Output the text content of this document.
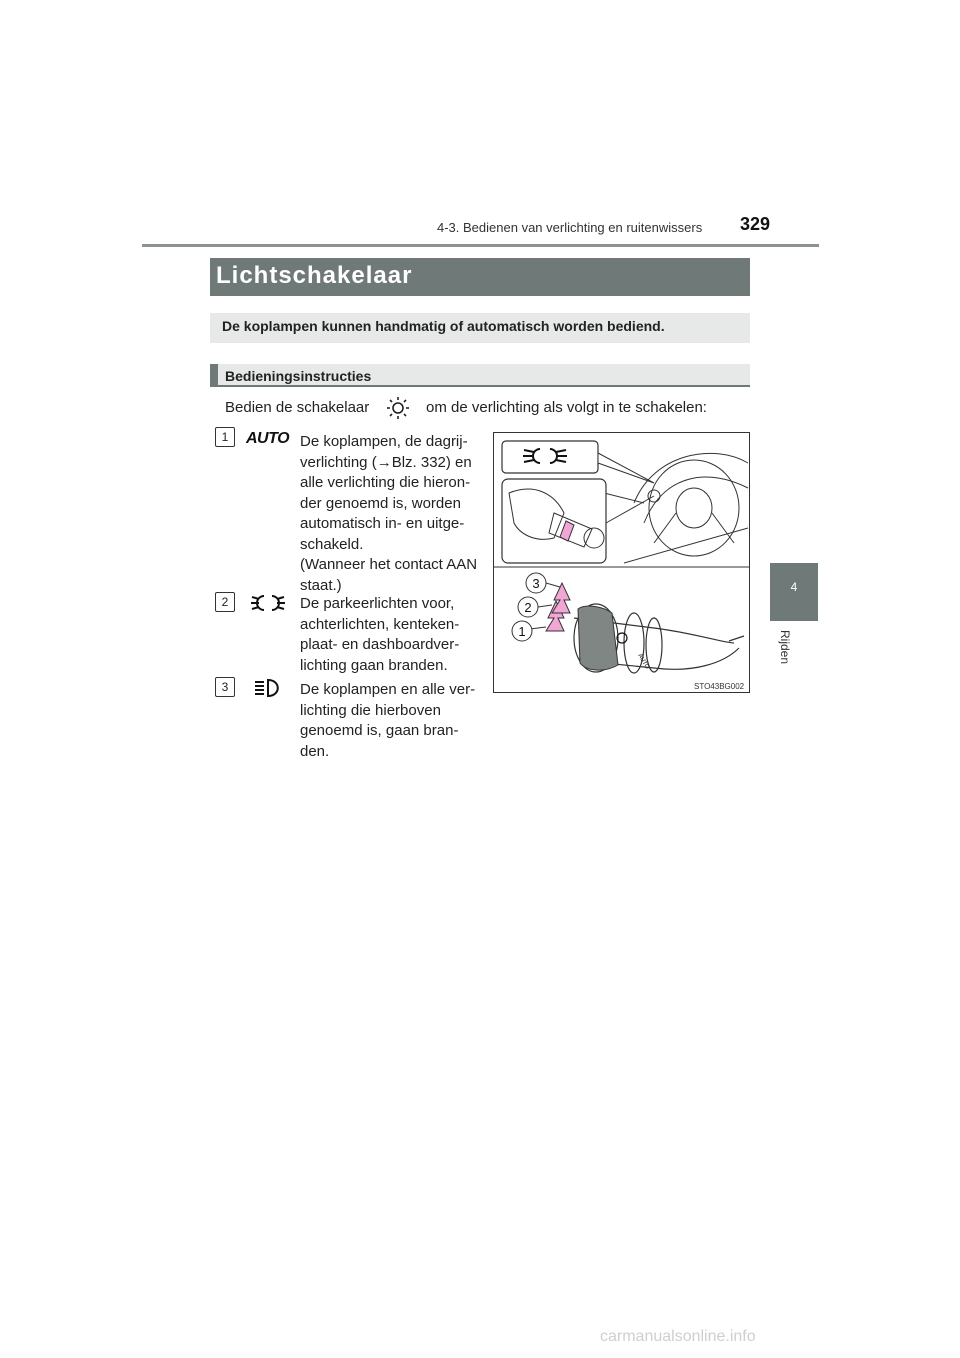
4-3. Bedienen van verlichting en ruitenwissers 329
4
Rijden
Lichtschakelaar
De koplampen kunnen handmatig of automatisch worden bediend.
Bedieningsinstructies
Bedien de schakelaar	om de verlichting als volgt in te schakelen:
1	AUTO De koplampen, de dagrij-
verlichting (→Blz. 332) en
alle verlichting die hieron-
der genoemd is, worden
automatisch in- en uitge-
schakeld.
(Wanneer het contact AAN
staat.)
2	De parkeerlichten voor,
achterlichten, kenteken-
plaat- en dashboardver-
lichting gaan branden.
3	De koplampen en alle ver-
lichting die hierboven
genoemd is, gaan bran-
den.
3
2
1
AUTO
STO43BG002
carmanualsonline.info
